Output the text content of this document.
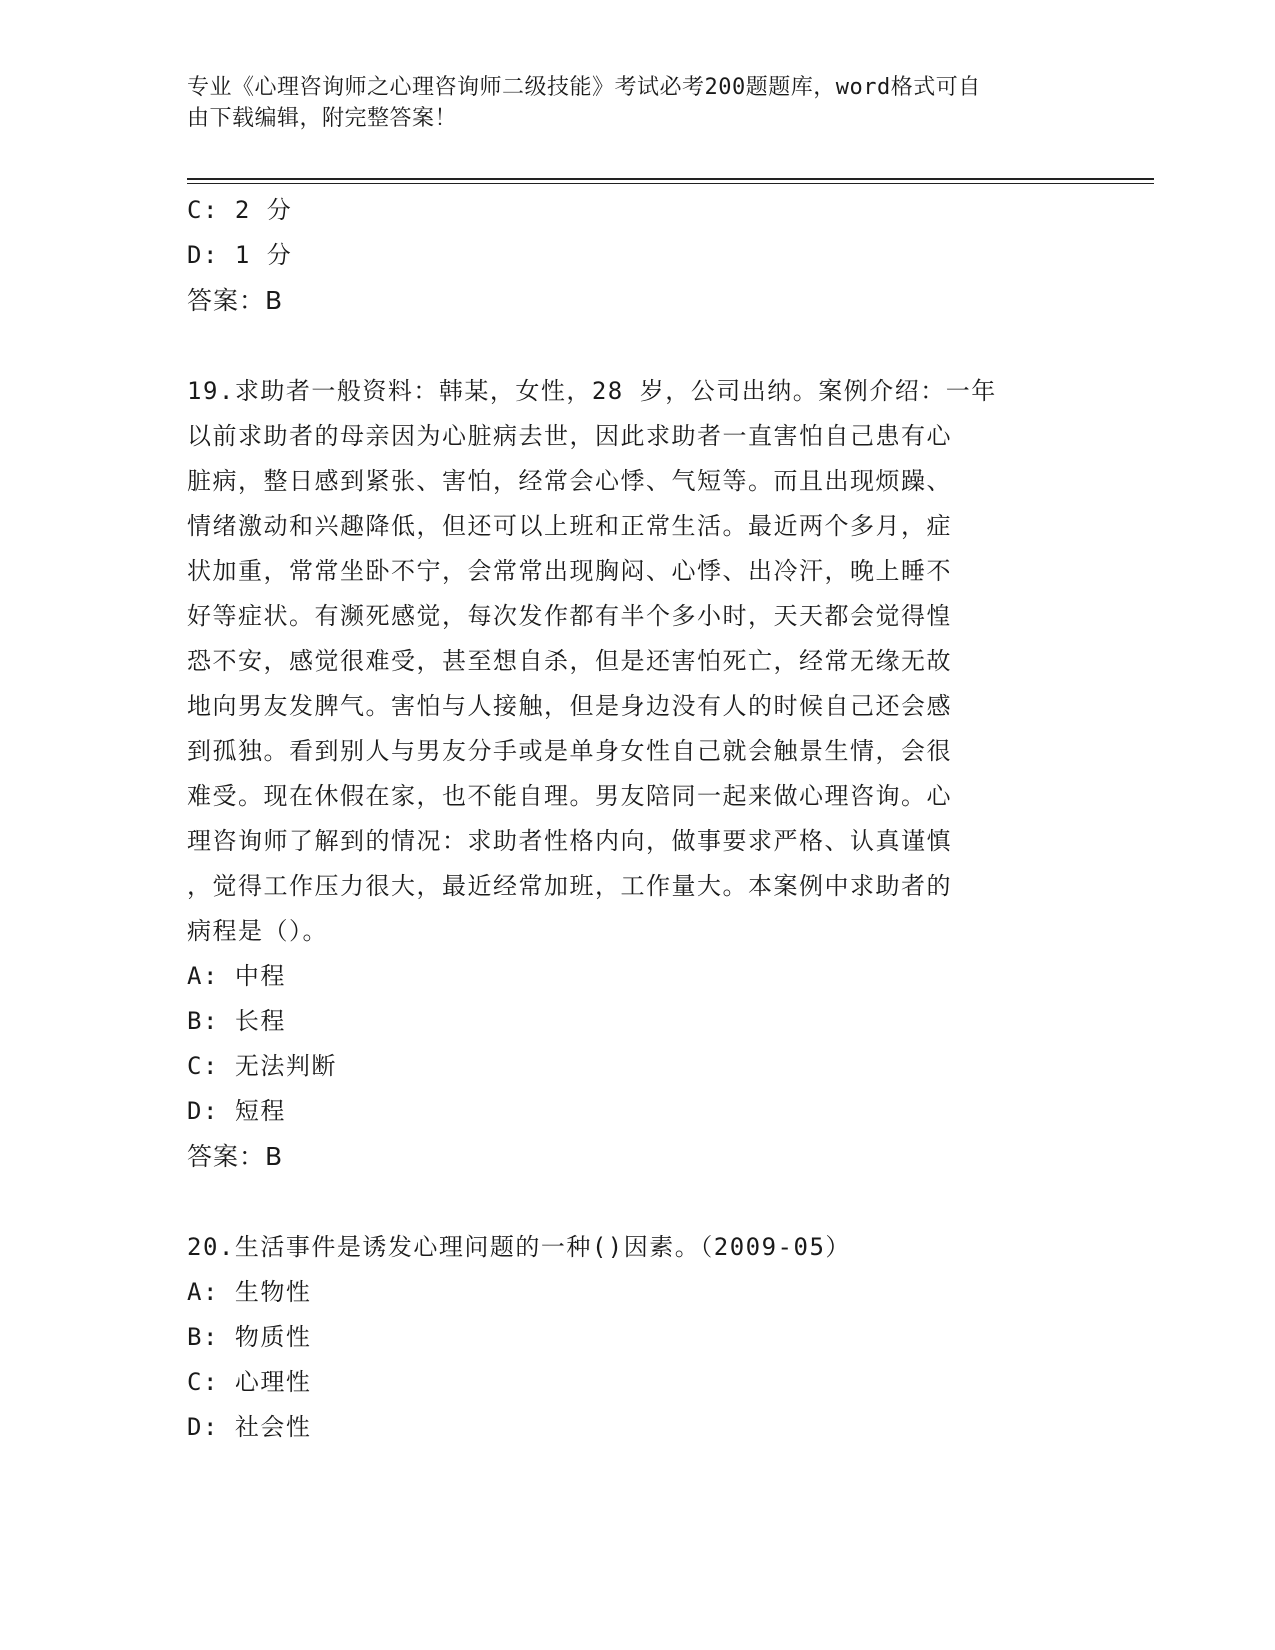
专业《心理咨询师之心理咨询师二级技能》考试必考200题题库，word格式可自
由下载编辑，附完整答案！
C: 2 分
D: 1 分
答案：B
19.求助者一般资料：韩某，女性，28 岁，公司出纳。案例介绍：一年
以前求助者的母亲因为心脏病去世，因此求助者一直害怕自己患有心
脏病，整日感到紧张、害怕，经常会心悸、气短等。而且出现烦躁、
情绪激动和兴趣降低，但还可以上班和正常生活。最近两个多月，症
状加重，常常坐卧不宁，会常常出现胸闷、心悸、出冷汗，晚上睡不
好等症状。有濒死感觉，每次发作都有半个多小时，天天都会觉得惶
恐不安，感觉很难受，甚至想自杀，但是还害怕死亡，经常无缘无故
地向男友发脾气。害怕与人接触，但是身边没有人的时候自己还会感
到孤独。看到别人与男友分手或是单身女性自己就会触景生情，会很
难受。现在休假在家，也不能自理。男友陪同一起来做心理咨询。心
理咨询师了解到的情况：求助者性格内向，做事要求严格、认真谨慎
，觉得工作压力很大，最近经常加班，工作量大。本案例中求助者的
病程是（）。
A: 中程
B: 长程
C: 无法判断
D: 短程
答案：B
20.生活事件是诱发心理问题的一种()因素。（2009-05）
A: 生物性
B: 物质性
C: 心理性
D: 社会性
